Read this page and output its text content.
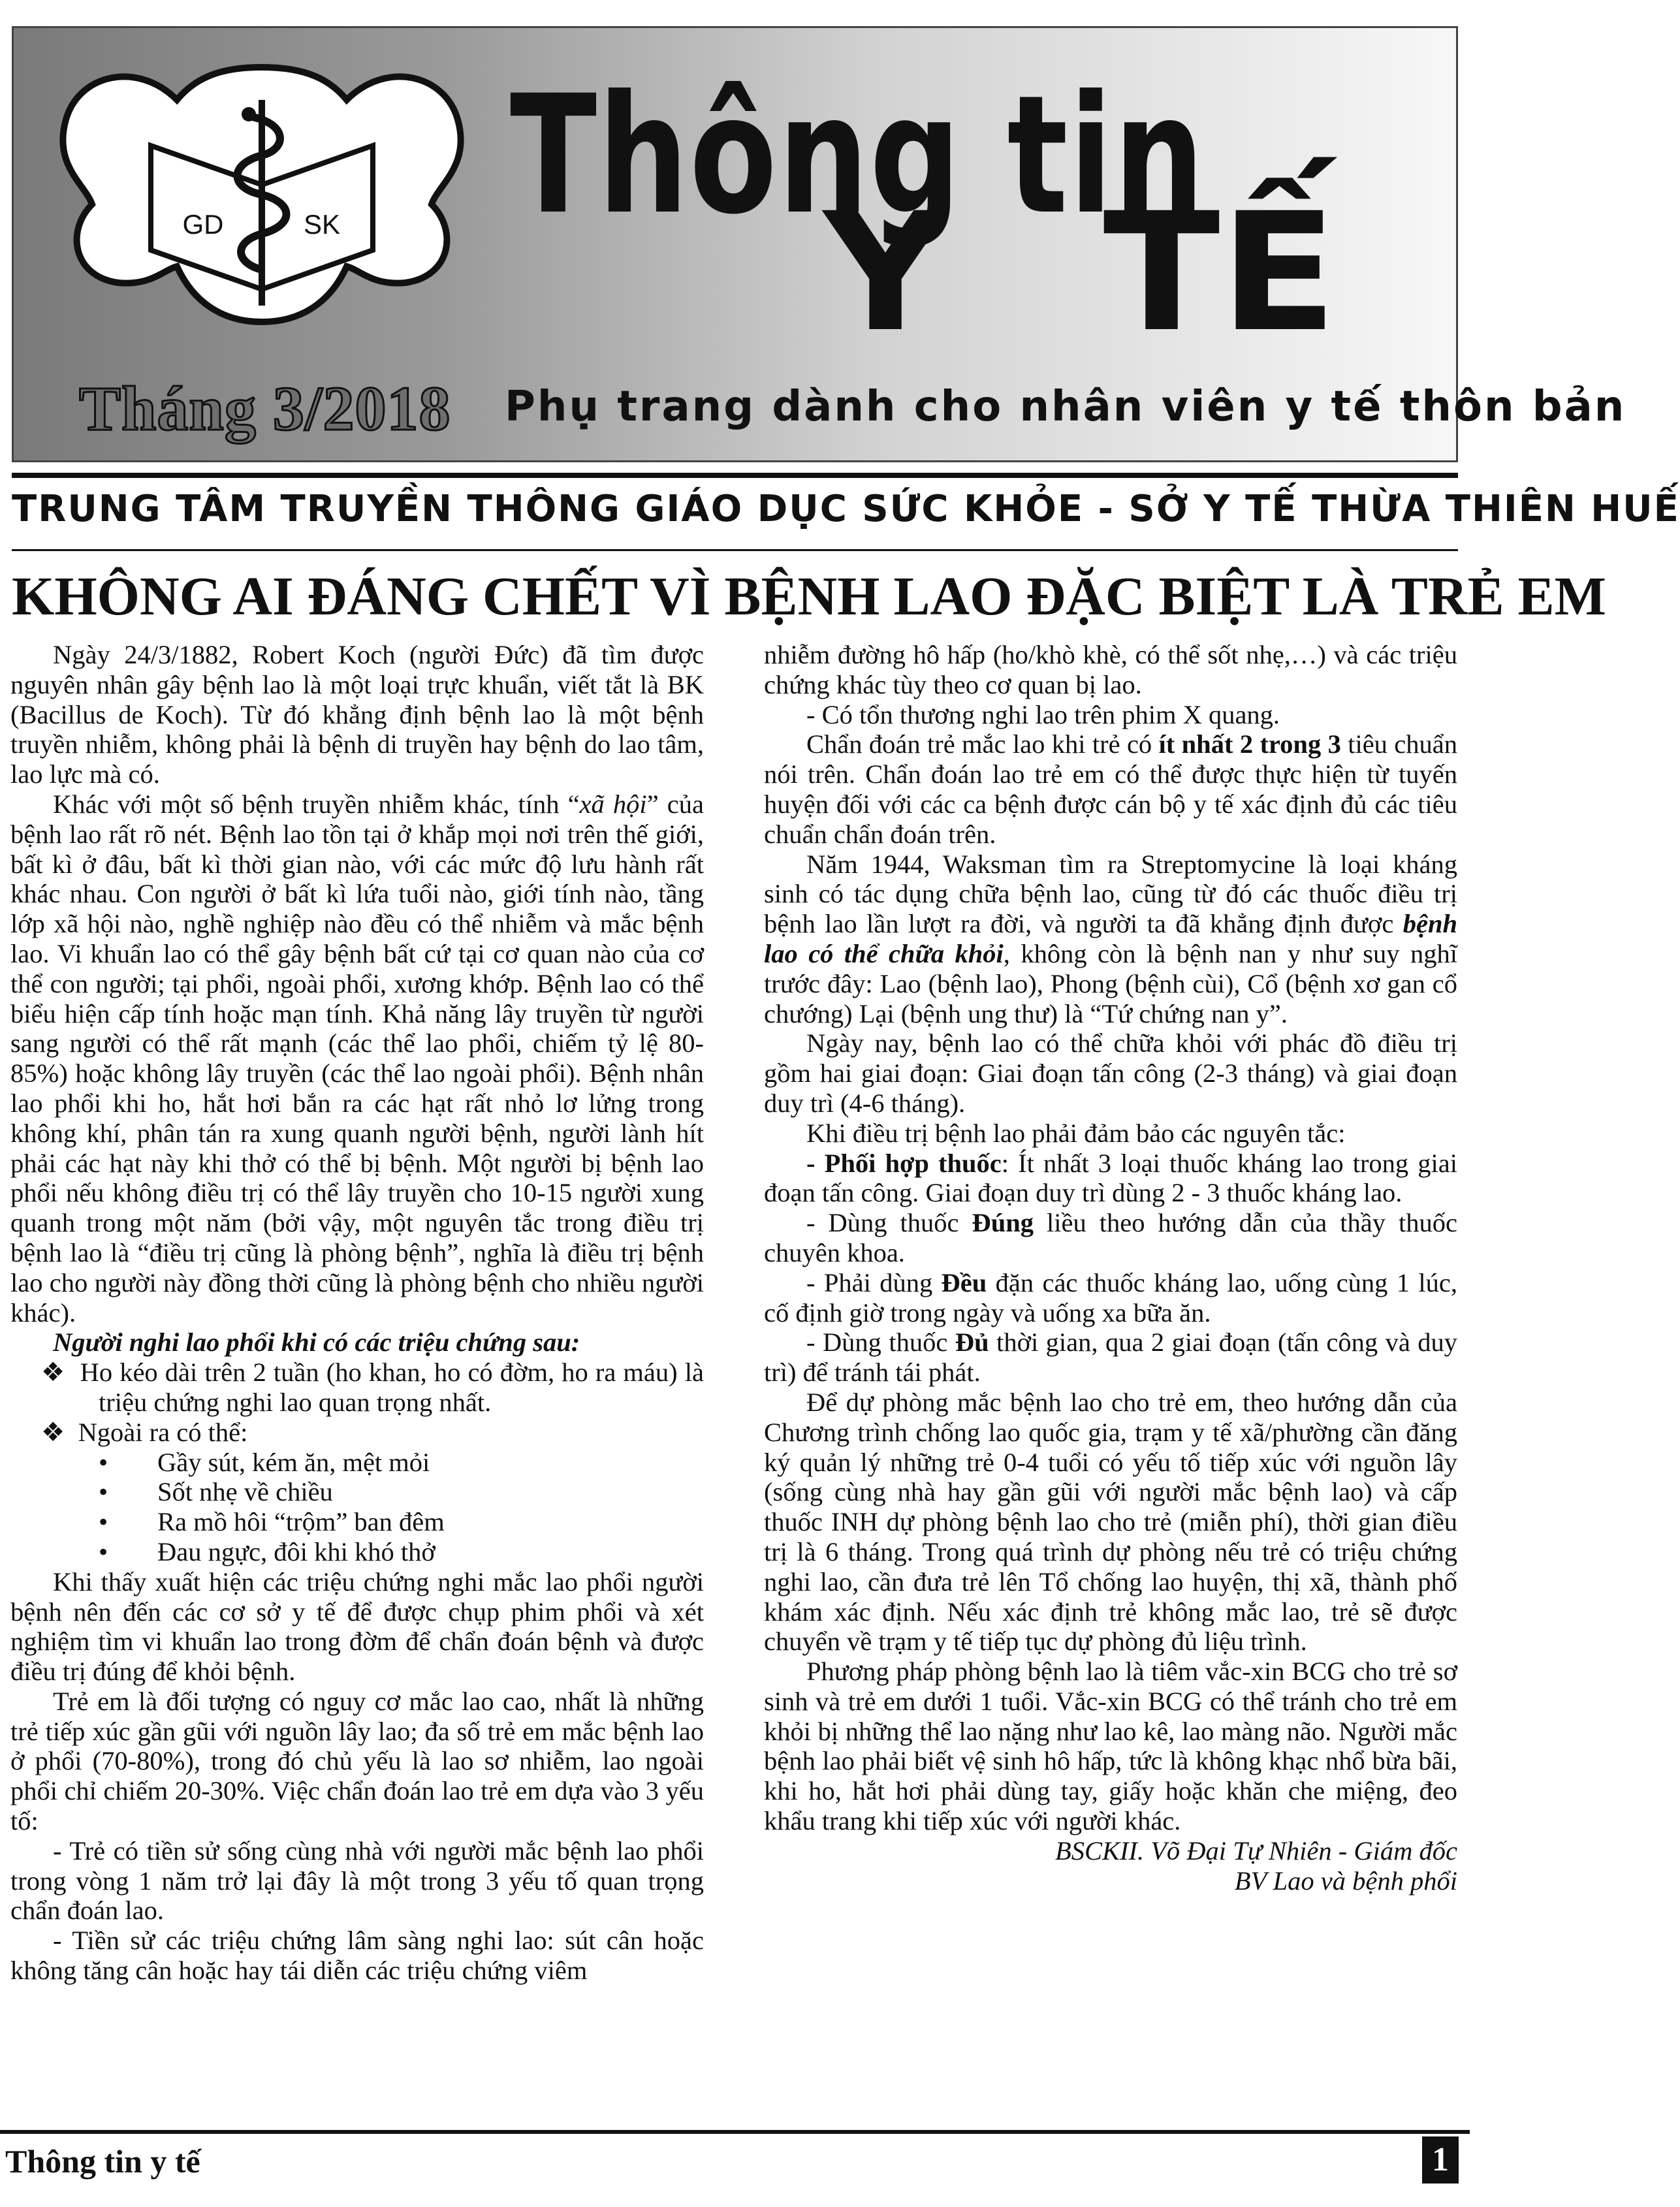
GD	SK Thông tin
Y TẾ
Tháng 3/2018 Phụ trang dành cho nhân viên y tế thôn bản
TRUNG TÂM TRUYỀN THÔNG GIÁO DỤC SỨC KHỎE - SỞ Y TẾ THỪA THIÊN HUẾ
KHÔNG AI ĐÁNG CHẾT VÌ BỆNH LAO ĐẶC BIỆT LÀ TRẺ EM

Ngày 24/3/1882, Robert Koch (người Đức) đã tìm được nguyên nhân gây bệnh lao là một loại trực khuẩn, viết tắt là BK (Bacillus de Koch). Từ đó khẳng định bệnh lao là một bệnh truyền nhiễm, không phải là bệnh di truyền hay bệnh do lao tâm, lao lực mà có.

Khác với một số bệnh truyền nhiễm khác, tính “xã hội” của bệnh lao rất rõ nét. Bệnh lao tồn tại ở khắp mọi nơi trên thế giới, bất kì ở đâu, bất kì thời gian nào, với các mức độ lưu hành rất khác nhau. Con người ở bất kì lứa tuổi nào, giới tính nào, tầng lớp xã hội nào, nghề nghiệp nào đều có thể nhiễm và mắc bệnh lao. Vi khuẩn lao có thể gây bệnh bất cứ tại cơ quan nào của cơ thể con người; tại phổi, ngoài phổi, xương khớp. Bệnh lao có thể biểu hiện cấp tính hoặc mạn tính. Khả năng lây truyền từ người sang người có thể rất mạnh (các thể lao phổi, chiếm tỷ lệ 80-85%) hoặc không lây truyền (các thể lao ngoài phổi). Bệnh nhân lao phổi khi ho, hắt hơi bắn ra các hạt rất nhỏ lơ lửng trong không khí, phân tán ra xung quanh người bệnh, người lành hít phải các hạt này khi thở có thể bị bệnh. Một người bị bệnh lao phổi nếu không điều trị có thể lây truyền cho 10-15 người xung quanh trong một năm (bởi vậy, một nguyên tắc trong điều trị bệnh lao là “điều trị cũng là phòng bệnh”, nghĩa là điều trị bệnh lao cho người này đồng thời cũng là phòng bệnh cho nhiều người khác).

Người nghi lao phổi khi có các triệu chứng sau:

❖ Ho kéo dài trên 2 tuần (ho khan, ho có đờm, ho ra máu) là triệu chứng nghi lao quan trọng nhất.

❖ Ngoài ra có thể:

• Gầy sút, kém ăn, mệt mỏi

• Sốt nhẹ về chiều

• Ra mồ hôi “trộm” ban đêm

• Đau ngực, đôi khi khó thở

Khi thấy xuất hiện các triệu chứng nghi mắc lao phổi người bệnh nên đến các cơ sở y tế để được chụp phim phổi và xét nghiệm tìm vi khuẩn lao trong đờm để chẩn đoán bệnh và được điều trị đúng để khỏi bệnh.

Trẻ em là đối tượng có nguy cơ mắc lao cao, nhất là những trẻ tiếp xúc gần gũi với nguồn lây lao; đa số trẻ em mắc bệnh lao ở phổi (70-80%), trong đó chủ yếu là lao sơ nhiễm, lao ngoài phổi chỉ chiếm 20-30%. Việc chẩn đoán lao trẻ em dựa vào 3 yếu tố:

- Trẻ có tiền sử sống cùng nhà với người mắc bệnh lao phổi trong vòng 1 năm trở lại đây là một trong 3 yếu tố quan trọng chẩn đoán lao.

- Tiền sử các triệu chứng lâm sàng nghi lao: sút cân hoặc không tăng cân hoặc hay tái diễn các triệu chứng viêm

nhiễm đường hô hấp (ho/khò khè, có thể sốt nhẹ,…) và các triệu chứng khác tùy theo cơ quan bị lao.

- Có tổn thương nghi lao trên phim X quang.

Chẩn đoán trẻ mắc lao khi trẻ có ít nhất 2 trong 3 tiêu chuẩn nói trên. Chẩn đoán lao trẻ em có thể được thực hiện từ tuyến huyện đối với các ca bệnh được cán bộ y tế xác định đủ các tiêu chuẩn chẩn đoán trên.

Năm 1944, Waksman tìm ra Streptomycine là loại kháng sinh có tác dụng chữa bệnh lao, cũng từ đó các thuốc điều trị bệnh lao lần lượt ra đời, và người ta đã khẳng định được bệnh lao có thể chữa khỏi, không còn là bệnh nan y như suy nghĩ trước đây: Lao (bệnh lao), Phong (bệnh cùi), Cổ (bệnh xơ gan cổ chướng) Lại (bệnh ung thư) là “Tứ chứng nan y”.

Ngày nay, bệnh lao có thể chữa khỏi với phác đồ điều trị gồm hai giai đoạn: Giai đoạn tấn công (2-3 tháng) và giai đoạn duy trì (4-6 tháng).

Khi điều trị bệnh lao phải đảm bảo các nguyên tắc:

- Phối hợp thuốc: Ít nhất 3 loại thuốc kháng lao trong giai đoạn tấn công. Giai đoạn duy trì dùng 2 - 3 thuốc kháng lao.

- Dùng thuốc Đúng liều theo hướng dẫn của thầy thuốc chuyên khoa.

- Phải dùng Đều đặn các thuốc kháng lao, uống cùng 1 lúc, cố định giờ trong ngày và uống xa bữa ăn.

- Dùng thuốc Đủ thời gian, qua 2 giai đoạn (tấn công và duy trì) để tránh tái phát.

Để dự phòng mắc bệnh lao cho trẻ em, theo hướng dẫn của Chương trình chống lao quốc gia, trạm y tế xã/phường cần đăng ký quản lý những trẻ 0-4 tuổi có yếu tố tiếp xúc với nguồn lây (sống cùng nhà hay gần gũi với người mắc bệnh lao) và cấp thuốc INH dự phòng bệnh lao cho trẻ (miễn phí), thời gian điều trị là 6 tháng. Trong quá trình dự phòng nếu trẻ có triệu chứng nghi lao, cần đưa trẻ lên Tổ chống lao huyện, thị xã, thành phố khám xác định. Nếu xác định trẻ không mắc lao, trẻ sẽ được chuyển về trạm y tế tiếp tục dự phòng đủ liệu trình.

Phương pháp phòng bệnh lao là tiêm vắc-xin BCG cho trẻ sơ sinh và trẻ em dưới 1 tuổi. Vắc-xin BCG có thể tránh cho trẻ em khỏi bị những thể lao nặng như lao kê, lao màng não. Người mắc bệnh lao phải biết vệ sinh hô hấp, tức là không khạc nhổ bừa bãi, khi ho, hắt hơi phải dùng tay, giấy hoặc khăn che miệng, đeo khẩu trang khi tiếp xúc với người khác.

BSCKII. Võ Đại Tự Nhiên - Giám đốc

BV Lao và bệnh phổi

Thông tin y tế	1
